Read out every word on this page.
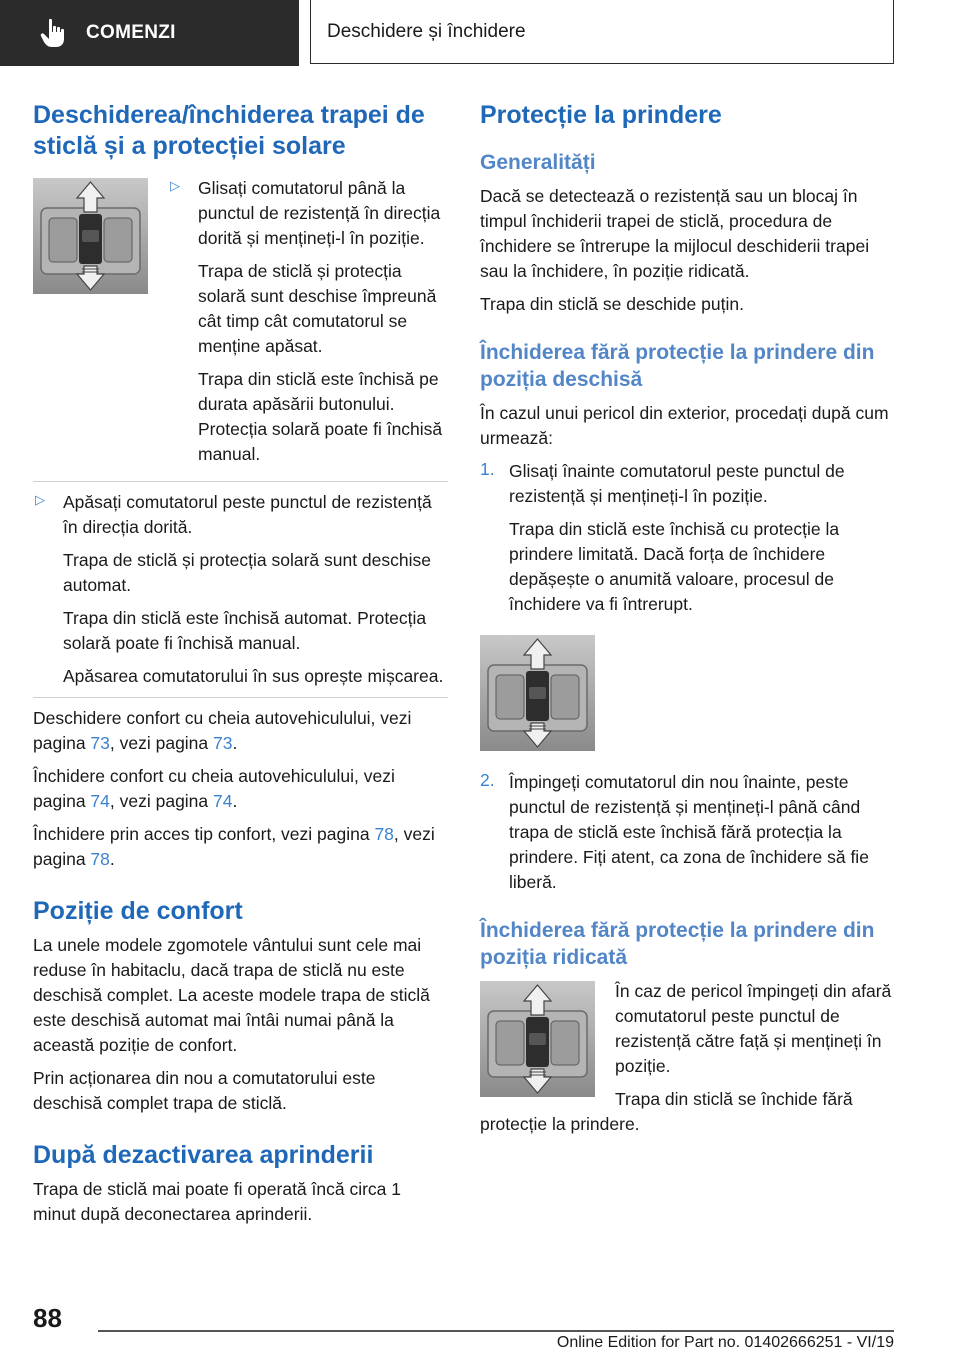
COMENZI	Deschidere și închidere
Deschiderea/închiderea trapei de sticlă și a protecției solare
▷	Glisați comutatorul până la punctul de rezistență în direcția dorită și mențineți-l în poziție.

Trapa de sticlă și protecția solară sunt deschise împreună cât timp cât comutatorul se menține apăsat.

Trapa din sticlă este închisă pe durata apăsării butonului. Protecția solară poate fi închisă manual.

▷	Apăsați comutatorul peste punctul de rezistență în direcția dorită.

Trapa de sticlă și protecția solară sunt deschise automat.

Trapa din sticlă este închisă automat. Protecția solară poate fi închisă manual.

Apăsarea comutatorului în sus oprește mișcarea.

Deschidere confort cu cheia autovehiculului, vezi pagina 73, vezi pagina 73.

Închidere confort cu cheia autovehiculului, vezi pagina 74, vezi pagina 74.

Închidere prin acces tip confort, vezi pagina 78, vezi pagina 78.

Poziție de confort

La unele modele zgomotele vântului sunt cele mai reduse în habitaclu, dacă trapa de sticlă nu este deschisă complet. La aceste modele trapa de sticlă este deschisă automat mai întâi numai până la această poziție de confort.

Prin acționarea din nou a comutatorului este deschisă complet trapa de sticlă.

După dezactivarea aprinderii

Trapa de sticlă mai poate fi operată încă circa 1 minut după deconectarea aprinderii.

Protecție la prindere
Generalități

Dacă se detectează o rezistență sau un blocaj în timpul închiderii trapei de sticlă, procedura de închidere se întrerupe la mijlocul deschiderii trapei sau la închidere, în poziție ridicată.

Trapa din sticlă se deschide puțin.

Închiderea fără protecție la prindere din poziția deschisă

În cazul unui pericol din exterior, procedați după cum urmează:

1. Glisați înainte comutatorul peste punctul de rezistență și mențineți-l în poziție.

Trapa din sticlă este închisă cu protecție la prindere limitată. Dacă forța de închidere depășește o anumită valoare, procesul de închidere va fi întrerupt.

2. Împingeți comutatorul din nou înainte, peste punctul de rezistență și mențineți-l până când trapa de sticlă este închisă fără protecția la prindere. Fiți atent, ca zona de închidere să fie liberă.

Închiderea fără protecție la prindere din poziția ridicată

În caz de pericol împingeți din afară comutatorul peste punctul de rezistență către față și mențineți în poziție.

Trapa din sticlă se închide fără protecție la prindere.

88
Online Edition for Part no. 01402666251 - VI/19
